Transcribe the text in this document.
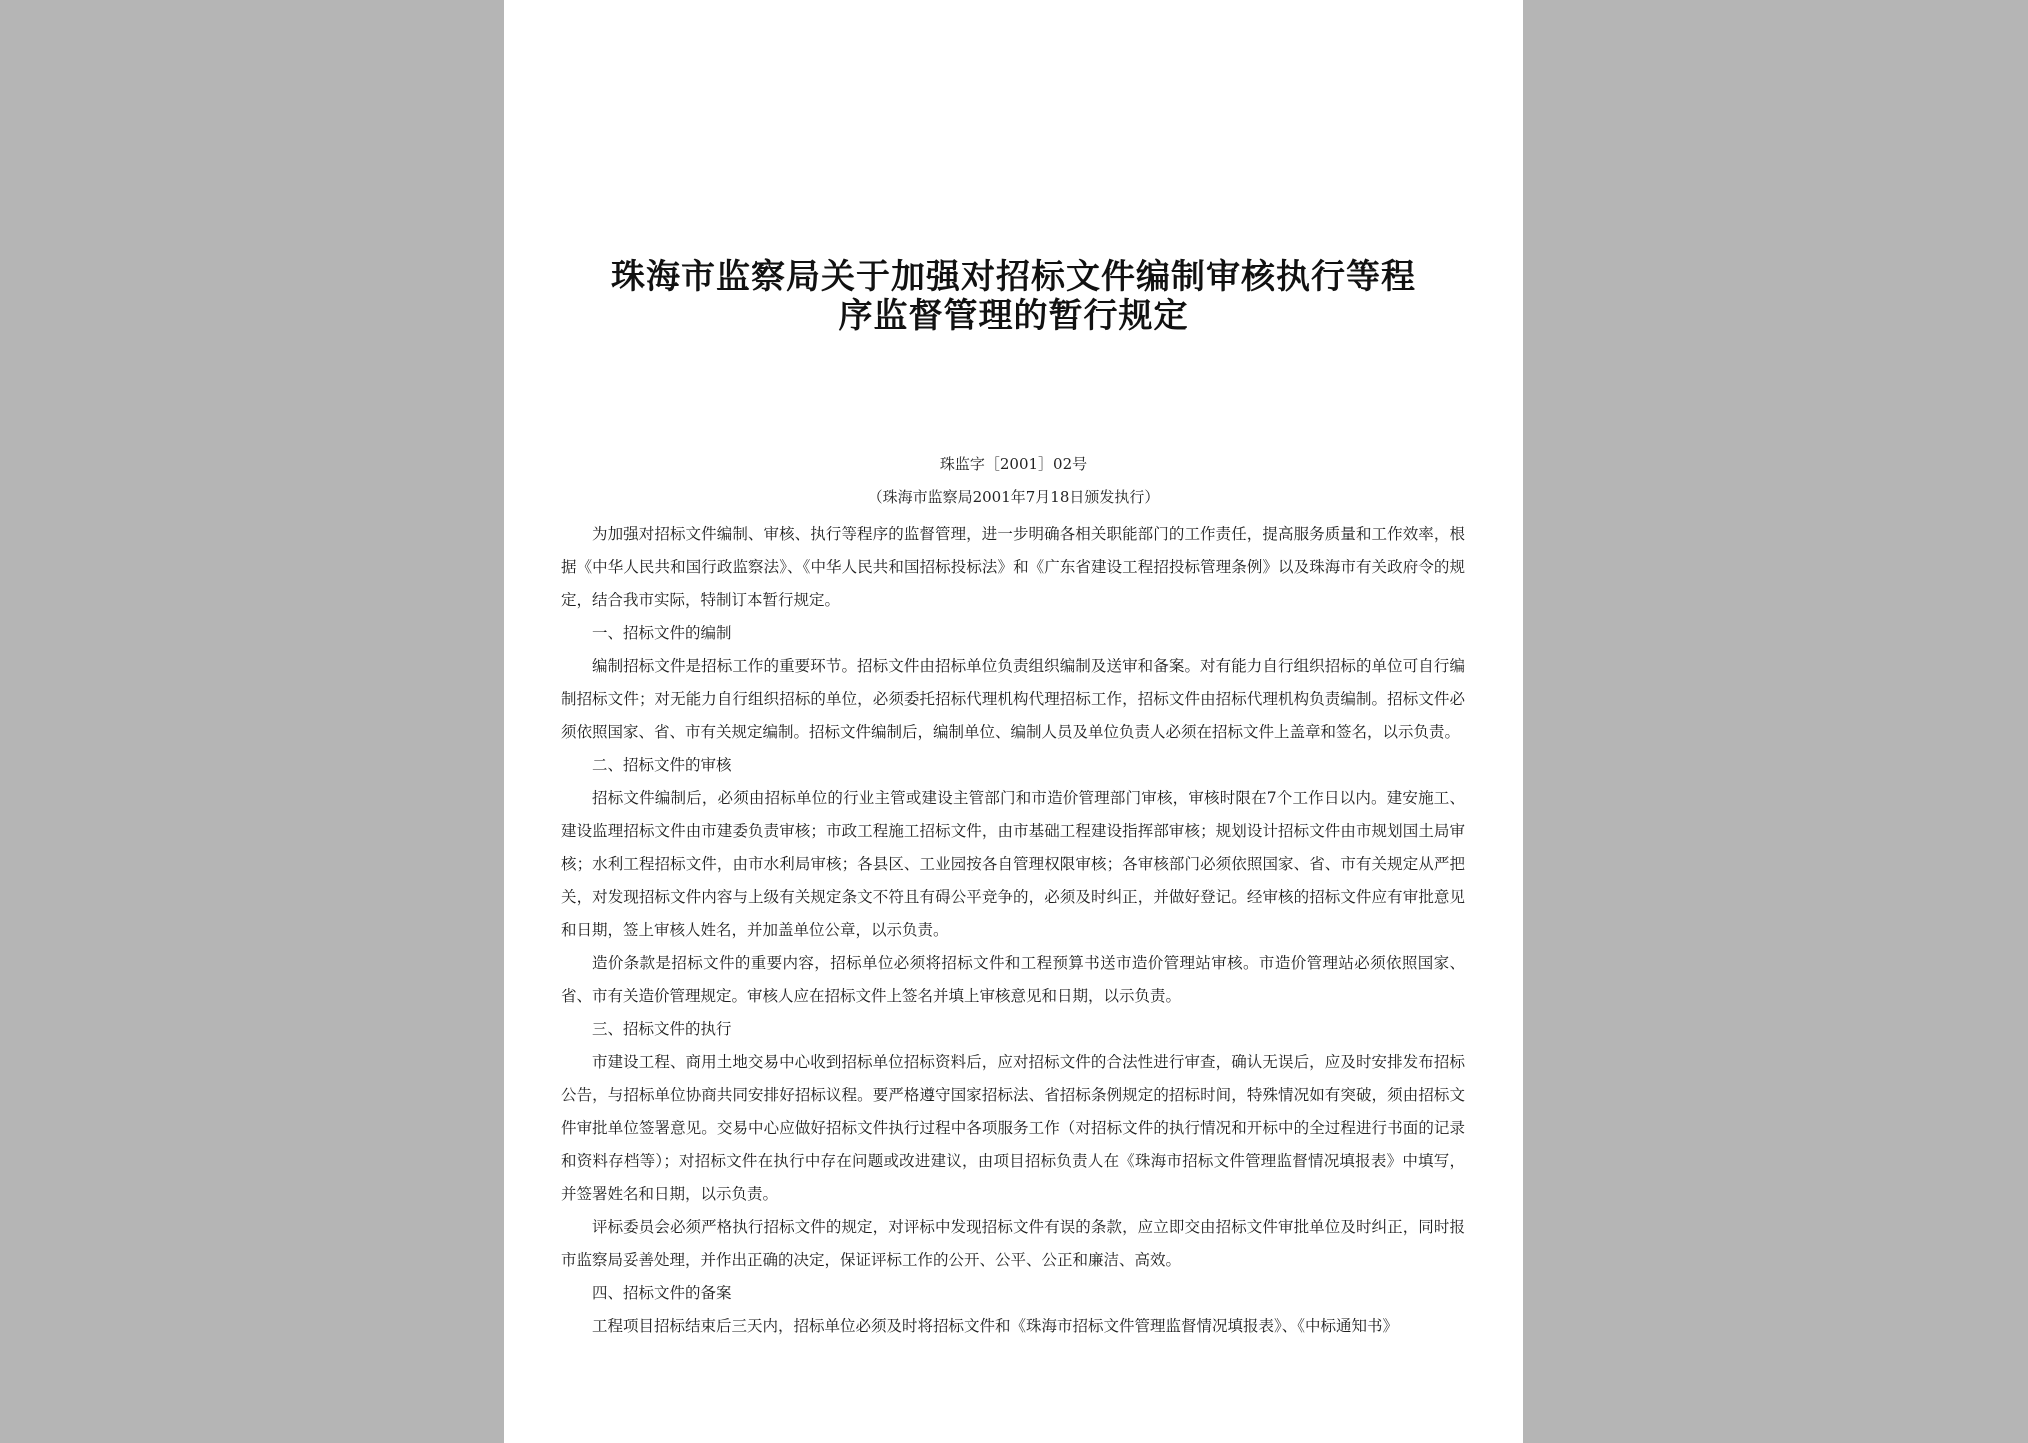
珠海市监察局关于加强对招标文件编制审核执行等程序监督管理的暂行规定
珠监字［2001］02号
（珠海市监察局2001年7月18日颁发执行）

为加强对招标文件编制、审核、执行等程序的监督管理，进一步明确各相关职能部门的工作责任，提高服务质量和工作效率，根据《中华人民共和国行政监察法》、《中华人民共和国招标投标法》和《广东省建设工程招投标管理条例》以及珠海市有关政府令的规定，结合我市实际，特制订本暂行规定。

一、招标文件的编制

编制招标文件是招标工作的重要环节。招标文件由招标单位负责组织编制及送审和备案。对有能力自行组织招标的单位可自行编制招标文件；对无能力自行组织招标的单位，必须委托招标代理机构代理招标工作，招标文件由招标代理机构负责编制。招标文件必须依照国家、省、市有关规定编制。招标文件编制后，编制单位、编制人员及单位负责人必须在招标文件上盖章和签名，以示负责。

二、招标文件的审核

招标文件编制后，必须由招标单位的行业主管或建设主管部门和市造价管理部门审核，审核时限在7个工作日以内。建安施工、建设监理招标文件由市建委负责审核；市政工程施工招标文件，由市基础工程建设指挥部审核；规划设计招标文件由市规划国土局审核；水利工程招标文件，由市水利局审核；各县区、工业园按各自管理权限审核；各审核部门必须依照国家、省、市有关规定从严把关，对发现招标文件内容与上级有关规定条文不符且有碍公平竞争的，必须及时纠正，并做好登记。经审核的招标文件应有审批意见和日期，签上审核人姓名，并加盖单位公章，以示负责。

造价条款是招标文件的重要内容，招标单位必须将招标文件和工程预算书送市造价管理站审核。市造价管理站必须依照国家、省、市有关造价管理规定。审核人应在招标文件上签名并填上审核意见和日期，以示负责。

三、招标文件的执行

市建设工程、商用土地交易中心收到招标单位招标资料后，应对招标文件的合法性进行审查，确认无误后，应及时安排发布招标公告，与招标单位协商共同安排好招标议程。要严格遵守国家招标法、省招标条例规定的招标时间，特殊情况如有突破，须由招标文件审批单位签署意见。交易中心应做好招标文件执行过程中各项服务工作（对招标文件的执行情况和开标中的全过程进行书面的记录和资料存档等）；对招标文件在执行中存在问题或改进建议，由项目招标负责人在《珠海市招标文件管理监督情况填报表》中填写，并签署姓名和日期，以示负责。

评标委员会必须严格执行招标文件的规定，对评标中发现招标文件有误的条款，应立即交由招标文件审批单位及时纠正，同时报市监察局妥善处理，并作出正确的决定，保证评标工作的公开、公平、公正和廉洁、高效。

四、招标文件的备案

工程项目招标结束后三天内，招标单位必须及时将招标文件和《珠海市招标文件管理监督情况填报表》、《中标通知书》
